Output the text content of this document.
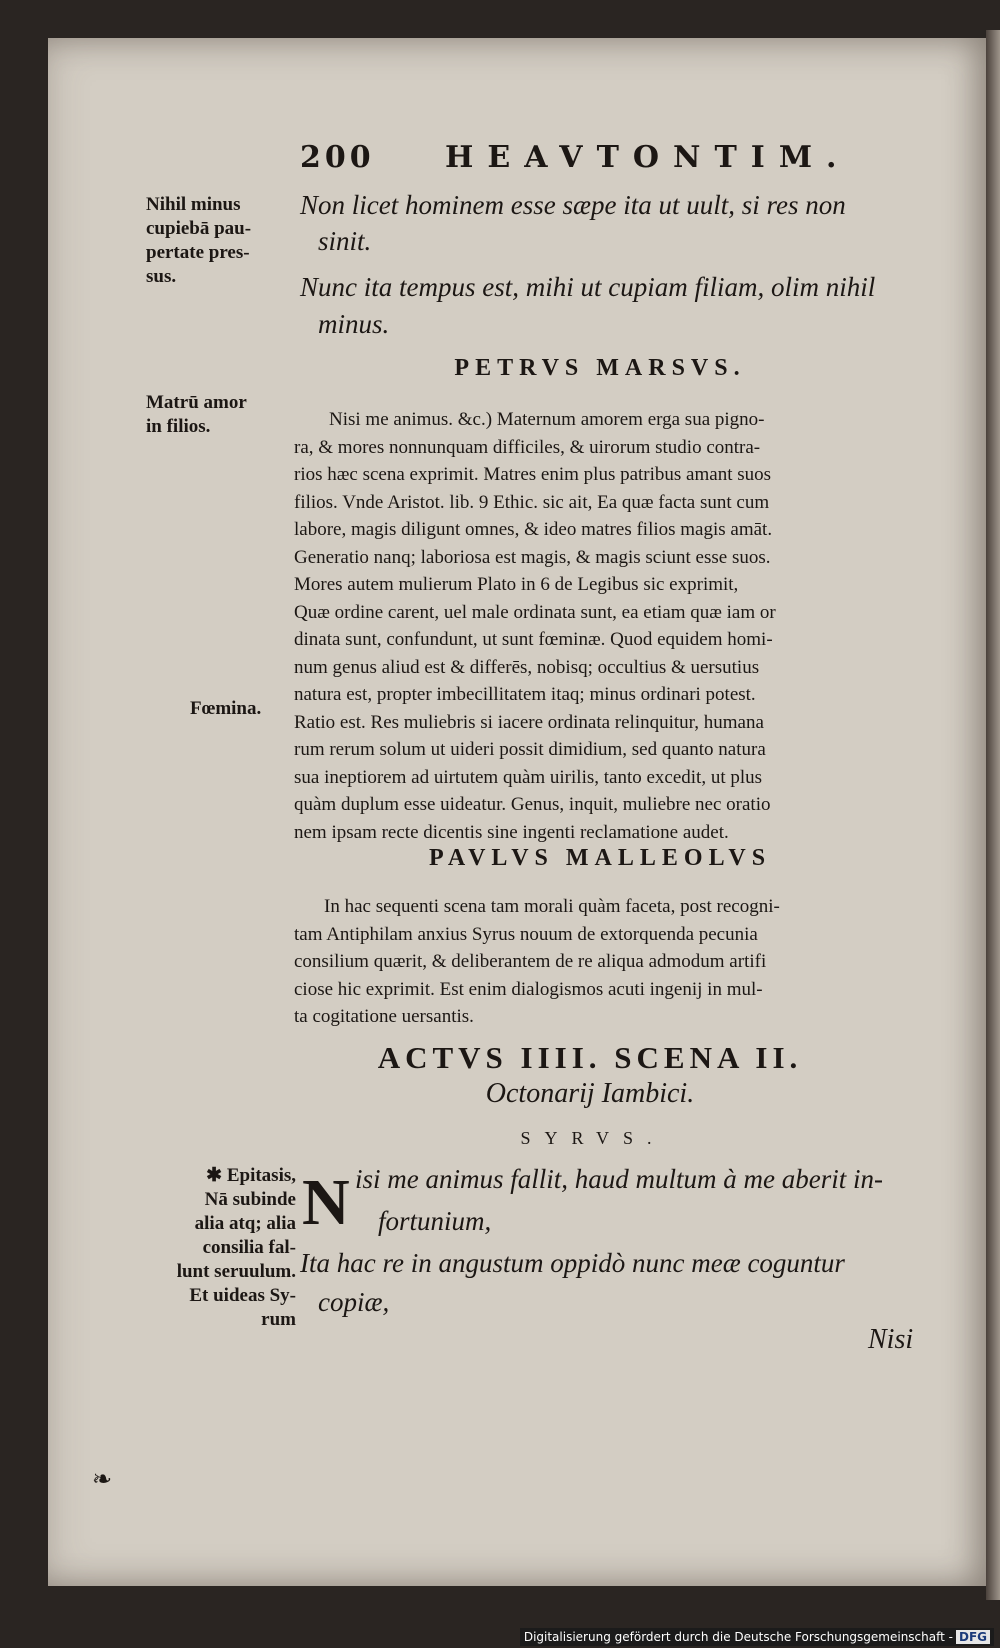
200 HEAVTONTIM.
Non licet hominem esse sæpe ita ut uult, si res non
sinit.
Nunc ita tempus est, mihi ut cupiam filiam, olim nihil
minus.
Nihil minus
cupiebā pau-
pertate pres-
sus.
Matrū amor
in filios.
Fœmina.
✱ Epitasis,
Nā subinde
alia atq; alia
consilia fal-
lunt seruulum.
Et uideas Sy-
rum
PETRVS MARSVS.
Nisi me animus. &c.) Maternum amorem erga sua pigno-
ra, & mores nonnunquam difficiles, & uirorum studio contra-
rios hæc scena exprimit. Matres enim plus patribus amant suos
filios. Vnde Aristot. lib. 9 Ethic. sic ait, Ea quæ facta sunt cum
labore, magis diligunt omnes, & ideo matres filios magis amāt.
Generatio nanq; laboriosa est magis, & magis sciunt esse suos.
Mores autem mulierum Plato in 6 de Legibus sic exprimit,
Quæ ordine carent, uel male ordinata sunt, ea etiam quæ iam or
dinata sunt, confundunt, ut sunt fœminæ. Quod equidem homi-
num genus aliud est & differēs, nobisq; occultius & uersutius
natura est, propter imbecillitatem itaq; minus ordinari potest.
Ratio est. Res muliebris si iacere ordinata relinquitur, humana
rum rerum solum ut uideri possit dimidium, sed quanto natura
sua ineptiorem ad uirtutem quàm uirilis, tanto excedit, ut plus
quàm duplum esse uideatur. Genus, inquit, muliebre nec oratio
nem ipsam recte dicentis sine ingenti reclamatione audet.
PAVLVS MALLEOLVS
In hac sequenti scena tam morali quàm faceta, post recogni-
tam Antiphilam anxius Syrus nouum de extorquenda pecunia
consilium quærit, & deliberantem de re aliqua admodum artifi
ciose hic exprimit. Est enim dialogismos acuti ingenij in mul-
ta cogitatione uersantis.
ACTVS IIII. SCENA II.
Octonarij Iambici.
SYRVS.
N isi me animus fallit, haud multum à me aberit in-
fortunium,
Ita hac re in angustum oppidò nunc meæ coguntur
copiæ,
Nisi
❧
Digitalisierung gefördert durch die Deutsche Forschungsgemeinschaft - DFG
